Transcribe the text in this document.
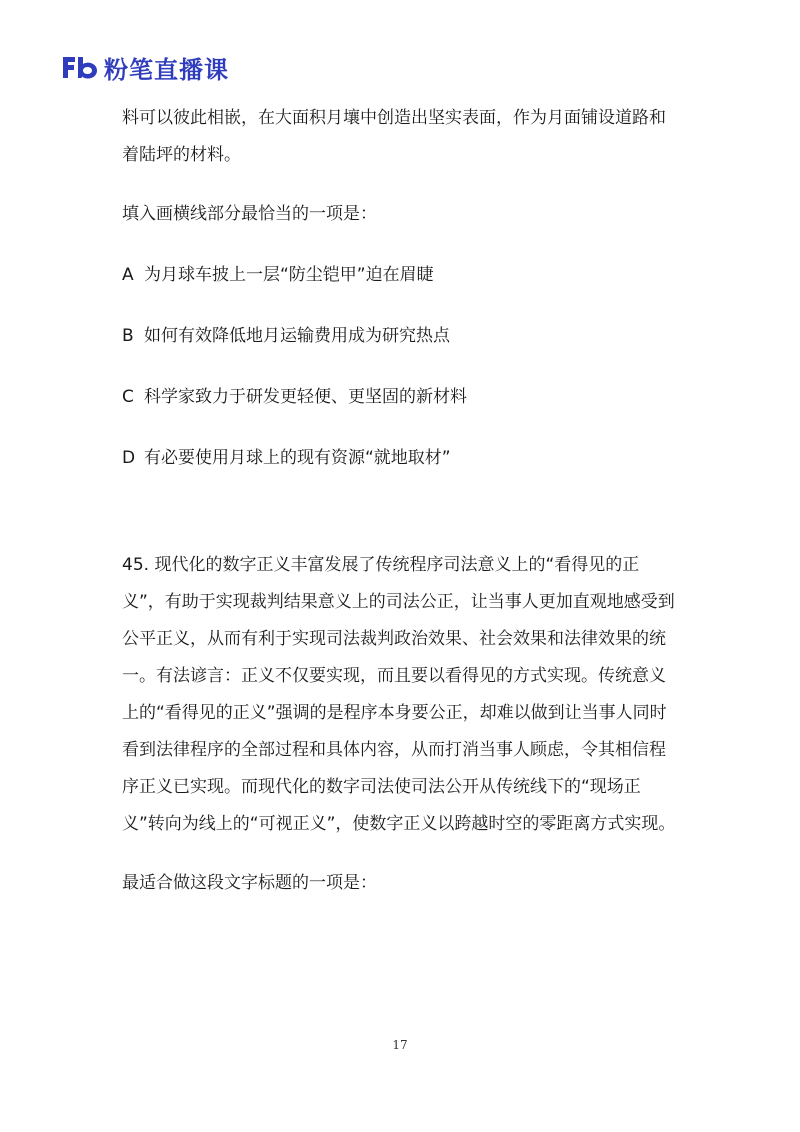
粉笔直播课

料可以彼此相嵌，在大面积月壤中创造出坚实表面，作为月面铺设道路和着陆坪的材料。

填入画横线部分最恰当的一项是：

A 为月球车披上一层“防尘铠甲”迫在眉睫

B 如何有效降低地月运输费用成为研究热点

C 科学家致力于研发更轻便、更坚固的新材料

D 有必要使用月球上的现有资源“就地取材”

45. 现代化的数字正义丰富发展了传统程序司法意义上的“看得见的正义”，有助于实现裁判结果意义上的司法公正，让当事人更加直观地感受到公平正义，从而有利于实现司法裁判政治效果、社会效果和法律效果的统一。有法谚言：正义不仅要实现，而且要以看得见的方式实现。传统意义上的“看得见的正义”强调的是程序本身要公正，却难以做到让当事人同时看到法律程序的全部过程和具体内容，从而打消当事人顾虑，令其相信程序正义已实现。而现代化的数字司法使司法公开从传统线下的“现场正义”转向为线上的“可视正义”，使数字正义以跨越时空的零距离方式实现。

最适合做这段文字标题的一项是：

17
